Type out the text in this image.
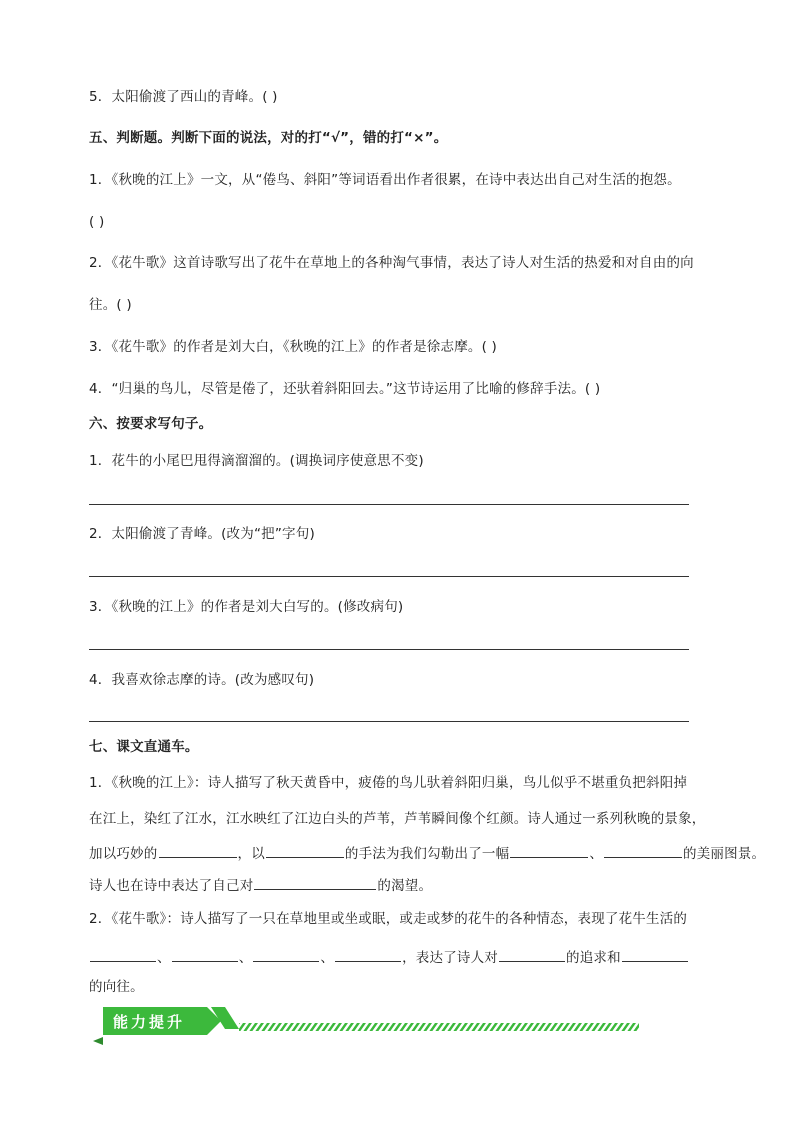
5．太阳偷渡了西山的青峰。( )
五、判断题。判断下面的说法，对的打“√”，错的打“×”。
1．《秋晚的江上》一文，从“倦鸟、斜阳”等词语看出作者很累，在诗中表达出自己对生活的抱怨。
( )
2．《花牛歌》这首诗歌写出了花牛在草地上的各种淘气事情，表达了诗人对生活的热爱和对自由的向
往。( )
3．《花牛歌》的作者是刘大白，《秋晚的江上》的作者是徐志摩。( )
4．“归巢的鸟儿，尽管是倦了，还驮着斜阳回去。”这节诗运用了比喻的修辞手法。( )
六、按要求写句子。
1．花牛的小尾巴甩得滴溜溜的。(调换词序使意思不变)
2．太阳偷渡了青峰。(改为“把”字句)
3．《秋晚的江上》的作者是刘大白写的。(修改病句)
4．我喜欢徐志摩的诗。(改为感叹句)
七、课文直通车。
1．《秋晚的江上》：诗人描写了秋天黄昏中，疲倦的鸟儿驮着斜阳归巢，鸟儿似乎不堪重负把斜阳掉
在江上，染红了江水，江水映红了江边白头的芦苇，芦苇瞬间像个红颜。诗人通过一系列秋晚的景象，
加以巧妙的	，以	的手法为我们勾勒出了一幅	、	的美丽图景。
诗人也在诗中表达了自己对	的渴望。
2．《花牛歌》：诗人描写了一只在草地里或坐或眠，或走或梦的花牛的各种情态，表现了花牛生活的
、	、	、	，表达了诗人对	的追求和
的向往。
能力提升
